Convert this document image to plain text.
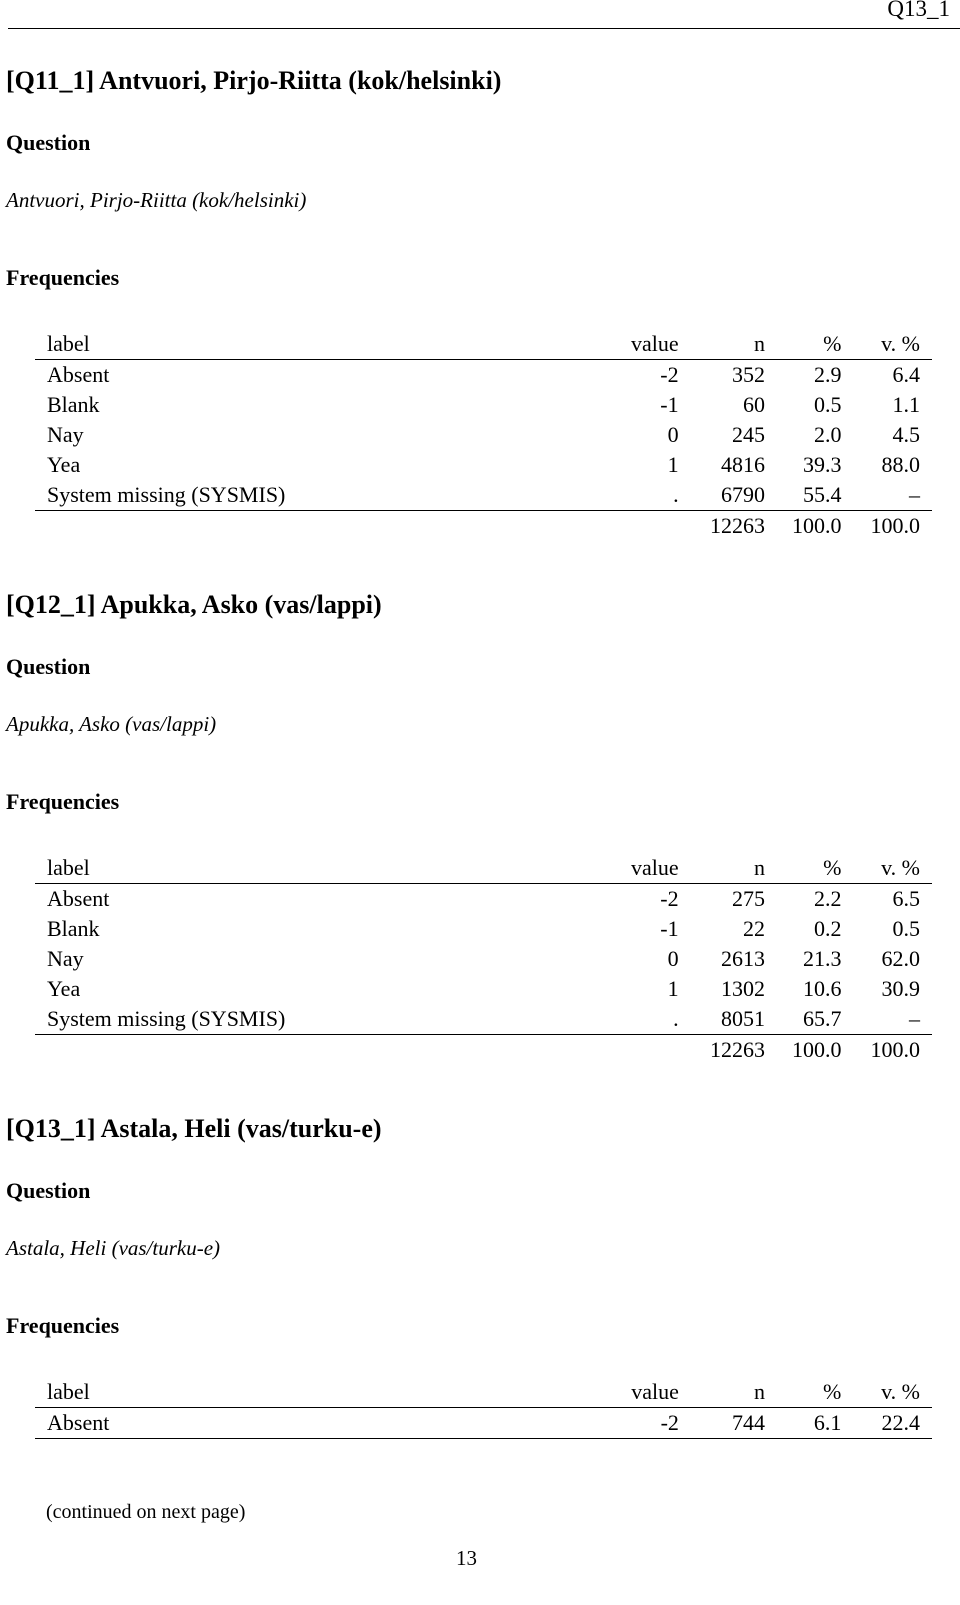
Q13_1
[Q11_1] Antvuori, Pirjo-Riitta (kok/helsinki)
Question
Antvuori, Pirjo-Riitta (kok/helsinki)
Frequencies
label	value	n	%	v. %
Absent	-2	352	2.9	6.4
Blank	-1	60	0.5	1.1
Nay	0	245	2.0	4.5
Yea	1	4816	39.3	88.0
System missing (SYSMIS)	.	6790	55.4	–
		12263	100.0	100.0
[Q12_1] Apukka, Asko (vas/lappi)
Question
Apukka, Asko (vas/lappi)
Frequencies
label	value	n	%	v. %
Absent	-2	275	2.2	6.5
Blank	-1	22	0.2	0.5
Nay	0	2613	21.3	62.0
Yea	1	1302	10.6	30.9
System missing (SYSMIS)	.	8051	65.7	–
		12263	100.0	100.0
[Q13_1] Astala, Heli (vas/turku-e)
Question
Astala, Heli (vas/turku-e)
Frequencies
label	value	n	%	v. %
Absent	-2	744	6.1	22.4
(continued on next page)
13
